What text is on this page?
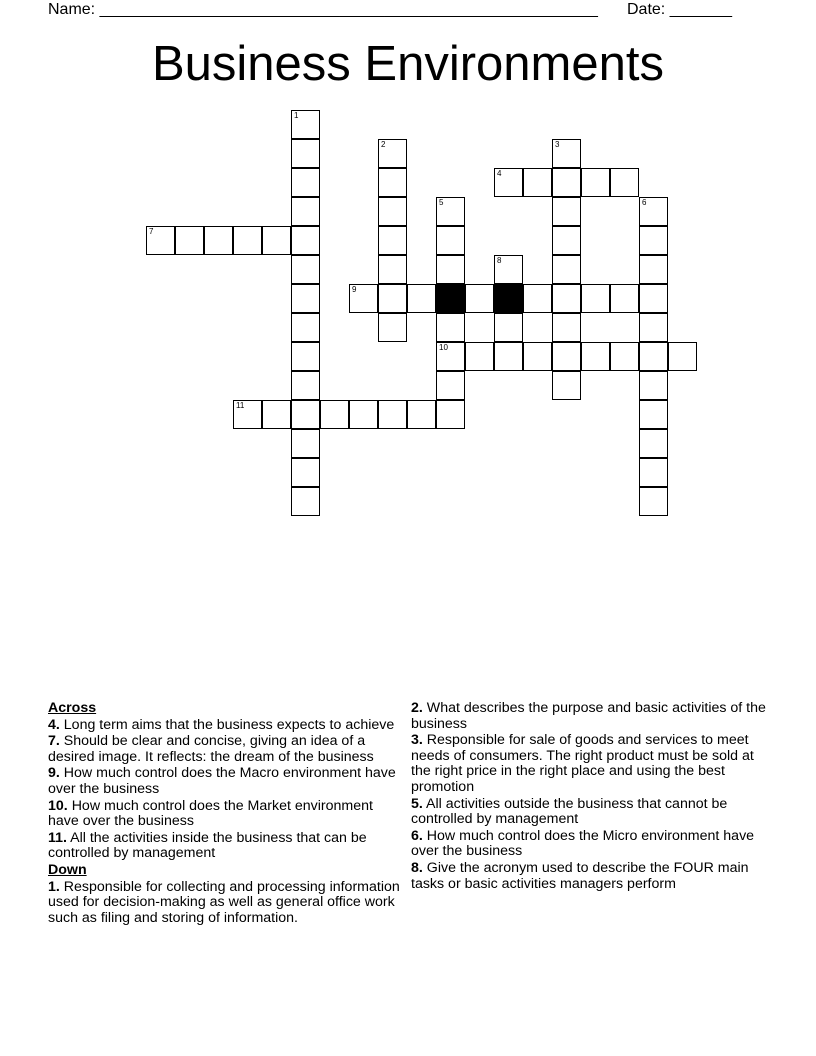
Name: ________________________________________________________ Date: _______
Business Environments
1
2	3
4
5
10
6
7
8
9
11
Across
4. Long term aims that the business expects to achieve
7. Should be clear and concise, giving an idea of a desired image. It reflects: the dream of the business
9. How much control does the Macro environment have over the business
10. How much control does the Market environment have over the business
11. All the activities inside the business that can be controlled by management
Down
1. Responsible for collecting and processing information used for decision-making as well as general office work such as filing and storing of information.
2. What describes the purpose and basic activities of the business
3. Responsible for sale of goods and services to meet needs of consumers. The right product must be sold at the right price in the right place and using the best promotion
5. All activities outside the business that cannot be controlled by management
6. How much control does the Micro environment have over the business
8. Give the acronym used to describe the FOUR main tasks or basic activities managers perform
